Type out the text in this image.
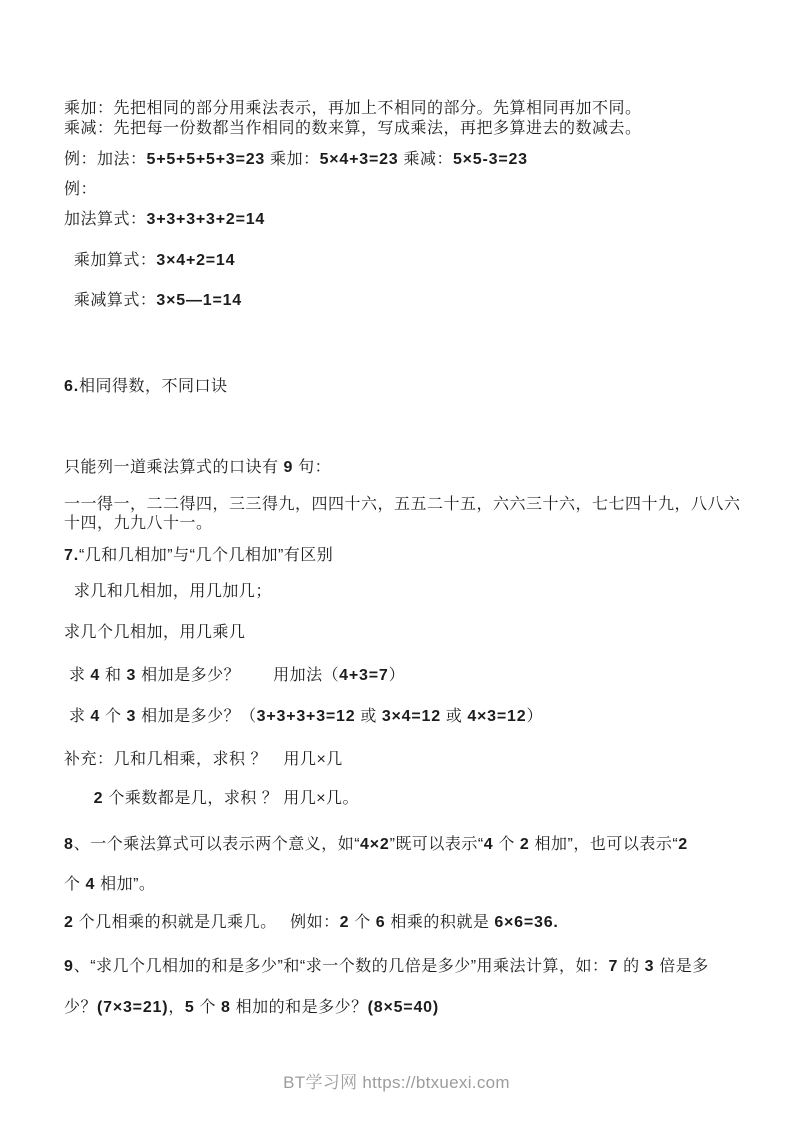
乘加：先把相同的部分用乘法表示，再加上不相同的部分。先算相同再加不同。
乘减：先把每一份数都当作相同的数来算，写成乘法，再把多算进去的数减去。
例：加法：5+5+5+5+3=23 乘加：5×4+3=23 乘减：5×5-3=23
例：
加法算式：3+3+3+3+2=14
乘加算式：3×4+2=14
乘减算式：3×5—1=14
6.相同得数，不同口诀
只能列一道乘法算式的口诀有 9 句：
一一得一，二二得四，三三得九，四四十六，五五二十五，六六三十六，七七四十九，八八六
十四，九九八十一。
7.“几和几相加”与“几个几相加”有区别
求几和几相加，用几加几；
求几个几相加，用几乘几
求 4 和 3 相加是多少？　　用加法（4+3=7）
求 4 个 3 相加是多少？（3+3+3+3=12 或 3×4=12 或 4×3=12）
补充：几和几相乘，求积 ？　用几×几
2 个乘数都是几，求积 ？ 用几×几。
8、一个乘法算式可以表示两个意义，如“4×2”既可以表示“4 个 2 相加”，也可以表示“2
个 4 相加”。
2 个几相乘的积就是几乘几。　 例如：2 个 6 相乘的积就是 6×6=36.
9、“求几个几相加的和是多少”和“求一个数的几倍是多少”用乘法计算，如：7 的 3 倍是多
少？(7×3=21)，5 个 8 相加的和是多少？(8×5=40)
BT学习网 https://btxuexi.com
